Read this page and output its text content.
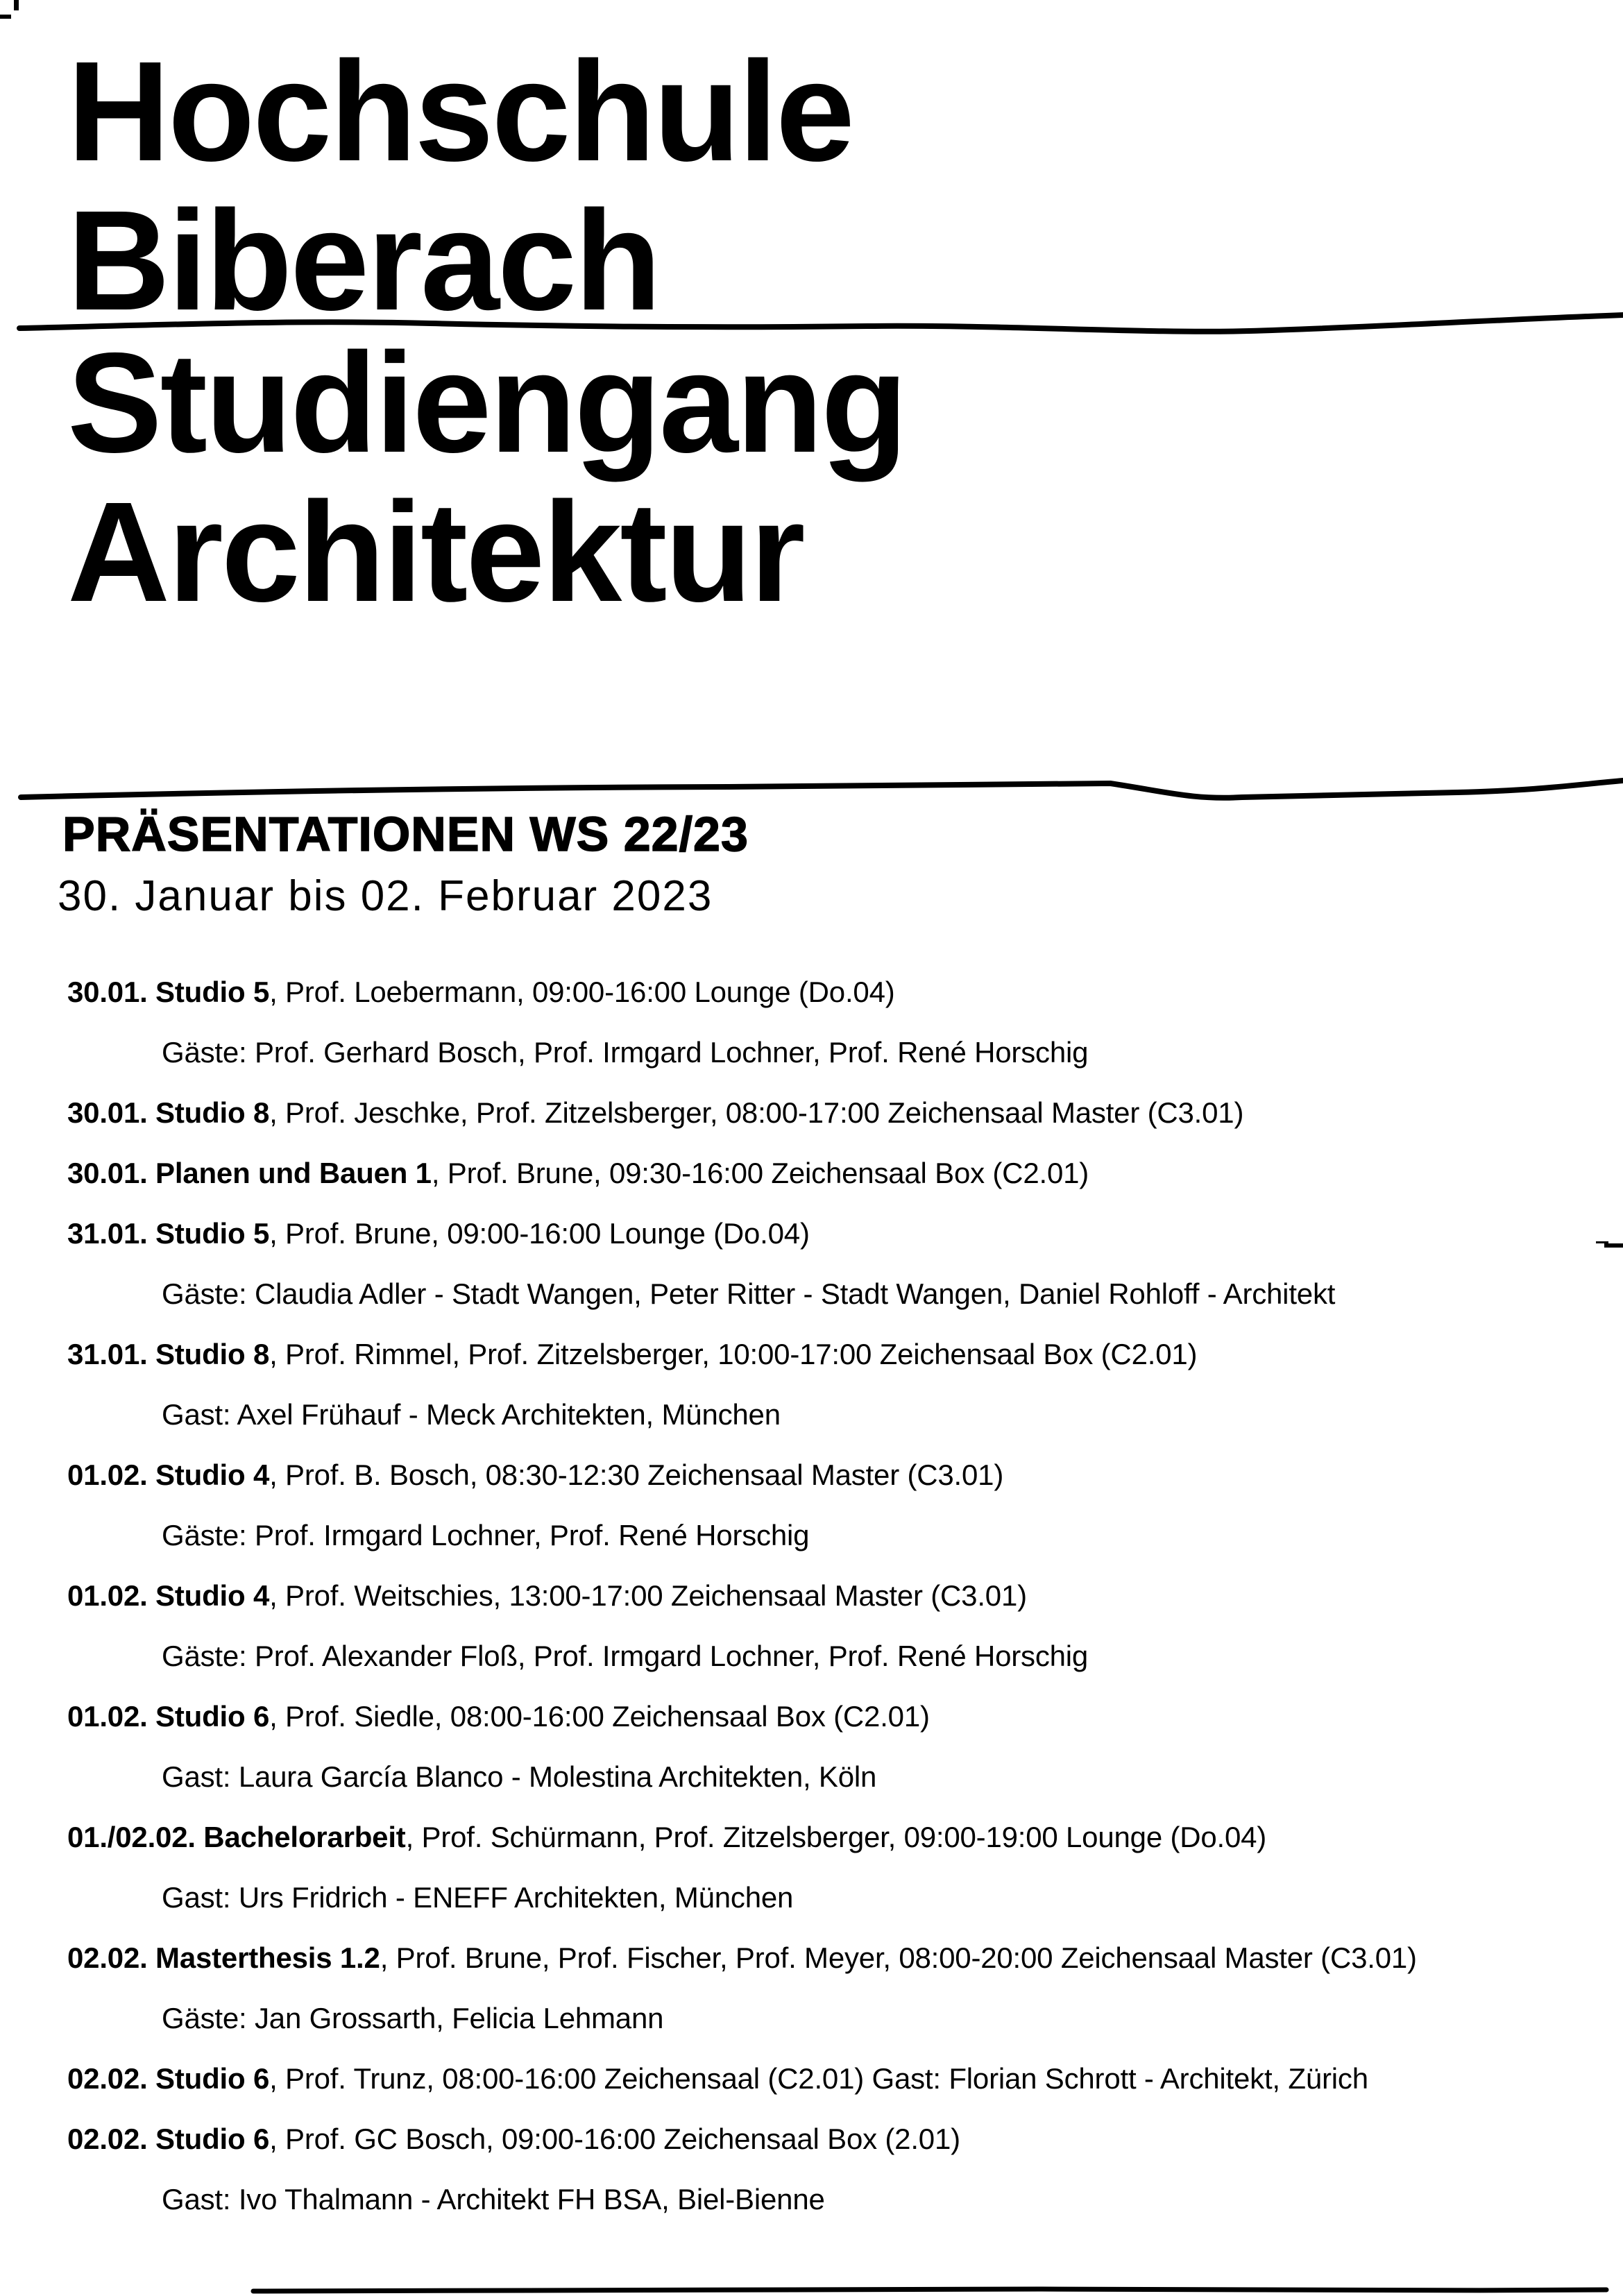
Hochschule
Biberach
Studiengang
Architektur
PRÄSENTATIONEN WS 22/23

30. Januar bis 02. Februar 2023

30.01. Studio 5, Prof. Loebermann, 09:00-16:00 Lounge (Do.04)
Gäste: Prof. Gerhard Bosch, Prof. Irmgard Lochner, Prof. René Horschig
30.01. Studio 8, Prof. Jeschke, Prof. Zitzelsberger, 08:00-17:00 Zeichensaal Master (C3.01)
30.01. Planen und Bauen 1, Prof. Brune, 09:30-16:00 Zeichensaal Box (C2.01)
31.01. Studio 5, Prof. Brune, 09:00-16:00 Lounge (Do.04)
Gäste: Claudia Adler - Stadt Wangen, Peter Ritter - Stadt Wangen, Daniel Rohloff - Architekt
31.01. Studio 8, Prof. Rimmel, Prof. Zitzelsberger, 10:00-17:00 Zeichensaal Box (C2.01)
Gast: Axel Frühauf - Meck Architekten, München
01.02. Studio 4, Prof. B. Bosch, 08:30-12:30 Zeichensaal Master (C3.01)
Gäste: Prof. Irmgard Lochner, Prof. René Horschig
01.02. Studio 4, Prof. Weitschies, 13:00-17:00 Zeichensaal Master (C3.01)
Gäste: Prof. Alexander Floß, Prof. Irmgard Lochner, Prof. René Horschig
01.02. Studio 6, Prof. Siedle, 08:00-16:00 Zeichensaal Box (C2.01)
Gast: Laura García Blanco - Molestina Architekten, Köln
01./02.02. Bachelorarbeit, Prof. Schürmann, Prof. Zitzelsberger, 09:00-19:00 Lounge (Do.04)
Gast: Urs Fridrich - ENEFF Architekten, München
02.02. Masterthesis 1.2, Prof. Brune, Prof. Fischer, Prof. Meyer, 08:00-20:00 Zeichensaal Master (C3.01)
Gäste: Jan Grossarth, Felicia Lehmann
02.02. Studio 6, Prof. Trunz, 08:00-16:00 Zeichensaal (C2.01) Gast: Florian Schrott - Architekt, Zürich
02.02. Studio 6, Prof. GC Bosch, 09:00-16:00 Zeichensaal Box (2.01)
Gast: Ivo Thalmann - Architekt FH BSA, Biel-Bienne
